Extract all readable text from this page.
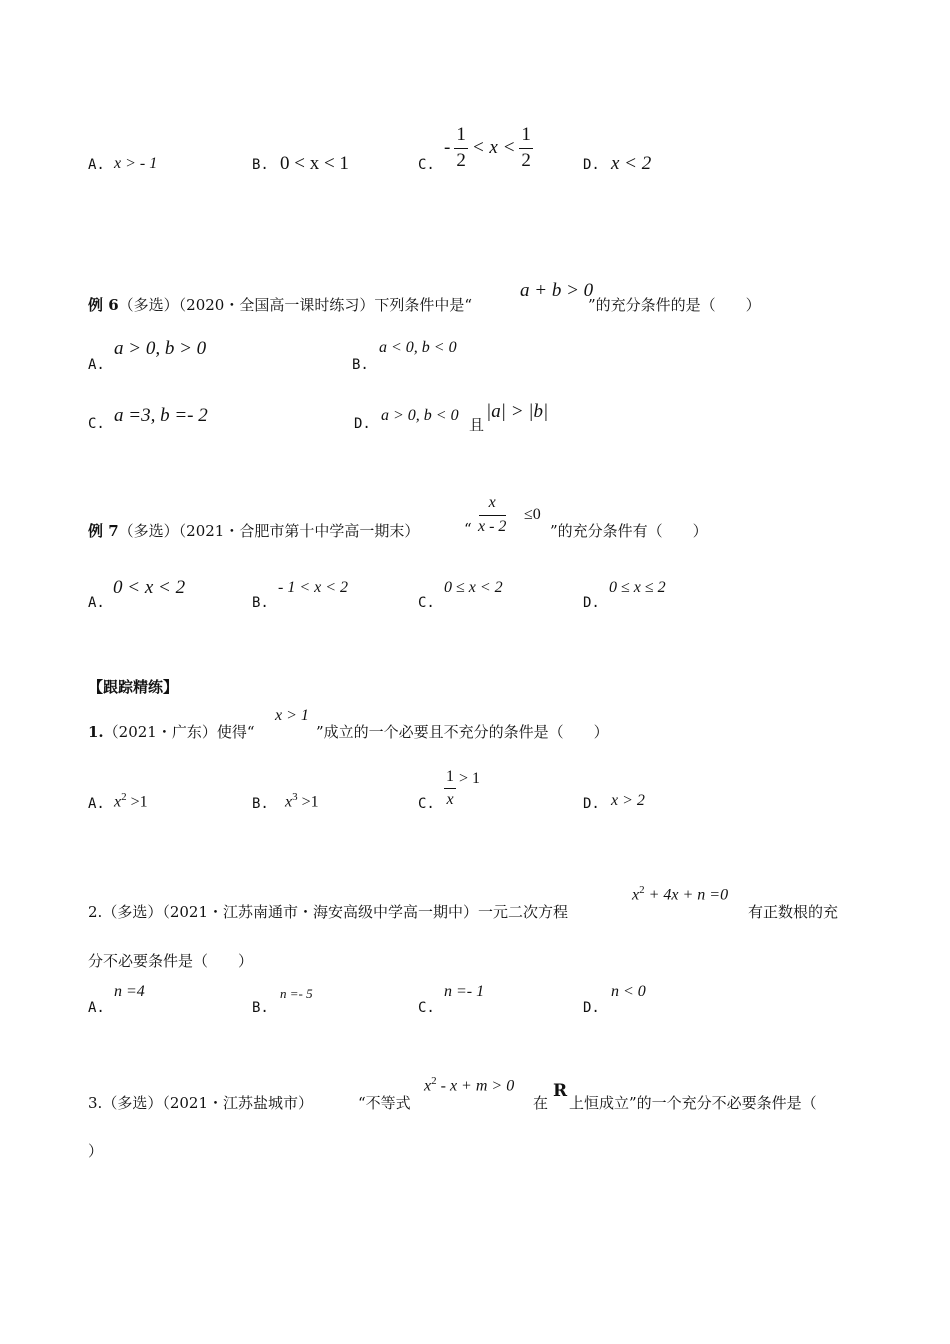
A. x > - 1	B. 0 < x < 1	C.
- $\frac{1}{2} < x < \frac{1}{2}$	D. x < 2
例 6（多选）（2020・全国高一课时练习）下列条件中是“
a + b > 0
”的充分条件的是（　　）
A.
a > 0, b > 0
B.
a < 0, b < 0
C. a =3, b =- 2	D. a > 0, b < 0
且
|a| > |b|
例 7（多选）（2021・合肥市第十中学高一期末）	“ $\frac{x}{x - 2} \le 0$
”的充分条件有（　　）
A.
0 < x < 2
B.
- 1 < x < 2
C.
0 ≤ x < 2
D.
0 ≤ x ≤ 2
【跟踪精练】
1.（2021・广东）使得“
x > 1
”成立的一个必要且不充分的条件是（　　）
A. $x^2 >1$	B. $x^3 >1$	C. $\frac{1}{x} > 1$
D. x > 2
2.（多选）（2021・江苏南通市・海安高级中学高一期中）一元二次方程
$x^2 + 4x + n =0$
有正数根的充
分不必要条件是（　　）
A.
n =4
B.
n =- 5
C.
n =- 1
D.
n < 0
3.（多选）（2021・江苏盐城市）	“不等式
$x^2 - x + m > 0$
在
R
上恒成立”的一个充分不必要条件是（
）
